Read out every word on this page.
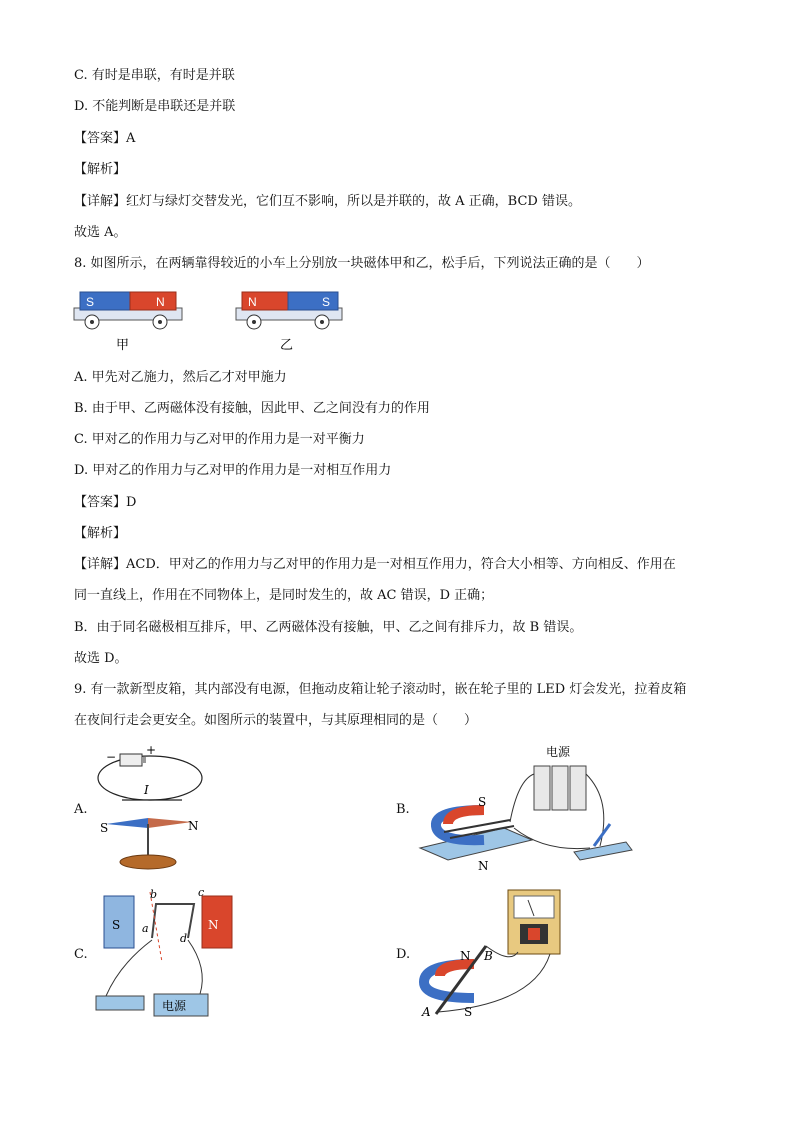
C. 有时是串联，有时是并联
D. 不能判断是串联还是并联
【答案】A
【解析】
【详解】红灯与绿灯交替发光，它们互不影响，所以是并联的，故 A 正确，BCD 错误。
故选 A。
8. 如图所示，在两辆靠得较近的小车上分别放一块磁体甲和乙，松手后，下列说法正确的是（　　）
S	N
甲
N	S
乙
A. 甲先对乙施力，然后乙才对甲施力
B. 由于甲、乙两磁体没有接触，因此甲、乙之间没有力的作用
C. 甲对乙的作用力与乙对甲的作用力是一对平衡力
D. 甲对乙的作用力与乙对甲的作用力是一对相互作用力
【答案】D
【解析】
【详解】ACD．甲对乙的作用力与乙对甲的作用力是一对相互作用力，符合大小相等、方向相反、作用在
同一直线上，作用在不同物体上，是同时发生的，故 AC 错误，D 正确；
B．由于同名磁极相互排斥，甲、乙两磁体没有接触，甲、乙之间有排斥力，故 B 错误。
故选 D。
9. 有一款新型皮箱，其内部没有电源，但拖动皮箱让轮子滚动时，嵌在轮子里的 LED 灯会发光，拉着皮箱
在夜间行走会更安全。如图所示的装置中，与其原理相同的是（　　）
A.
− +
I
S	N
B.
电源
S
N
C.
S	N
a
b	c
d
电源
D.	N
S
A
B
